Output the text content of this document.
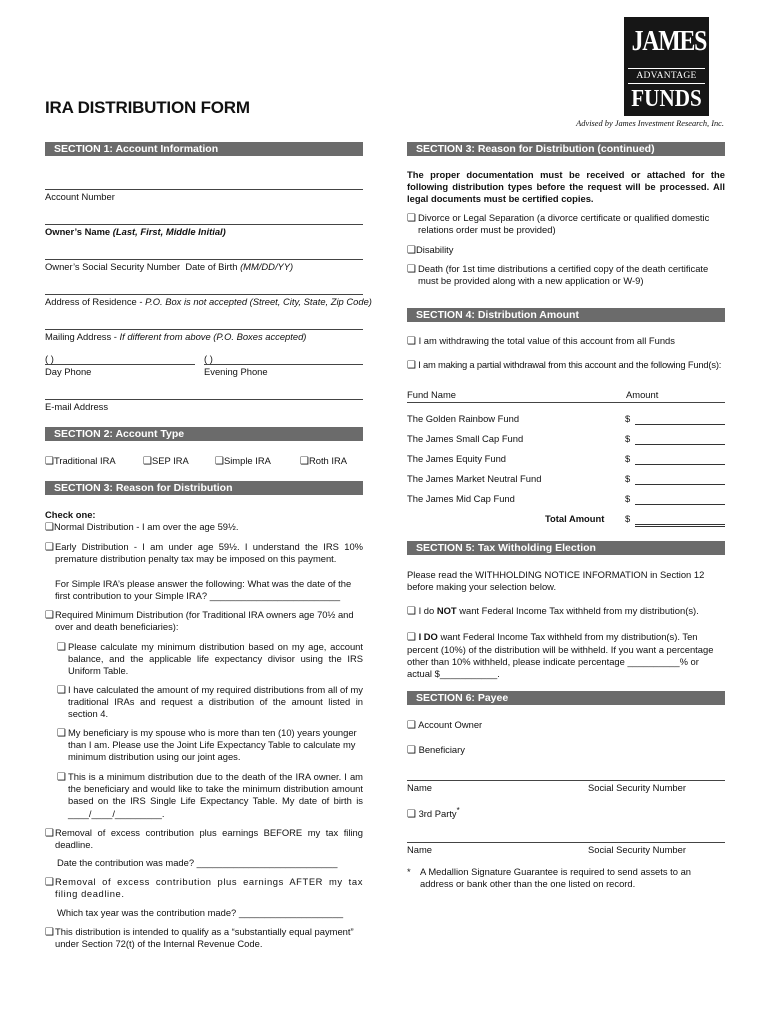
IRA DISTRIBUTION FORM
JAMES
ADVANTAGE
FUNDS
Advised by James Investment Research, Inc.
SECTION 1: Account Information
Account Number
Owner’s Name (Last, First, Middle Initial)
Owner’s Social Security Number Date of Birth (MM/DD/YY)
Address of Residence - P.O. Box is not accepted (Street, City, State, Zip Code)
Mailing Address - If different from above (P.O. Boxes accepted)
( )
Day Phone
( )
Evening Phone
E-mail Address
SECTION 2: Account Type
❑Traditional IRA	❑SEP IRA	❑Simple IRA	❑Roth IRA
SECTION 3: Reason for Distribution
Check one:
❑Normal Distribution - I am over the age 59½.
❑ Early Distribution - I am under age 59½. I understand the IRS 10% premature distribution penalty tax may be imposed on this payment.
For Simple IRA’s please answer the following: What was the date of the first contribution to your Simple IRA? _________________________
❑ Required Minimum Distribution (for Traditional IRA owners age 70½ and over and death beneficiaries):
❑ Please calculate my minimum distribution based on my age, account balance, and the applicable life expectancy divisor using the IRS Uniform Table.
❑ I have calculated the amount of my required distributions from all of my traditional IRAs and request a distribution of the amount listed in section 4.
❑ My beneficiary is my spouse who is more than ten (10) years younger than I am. Please use the Joint Life Expectancy Table to calculate my minimum distribution using our joint ages.
❑ This is a minimum distribution due to the death of the IRA owner. I am the beneficiary and would like to take the minimum distribution amount based on the IRS Single Life Expectancy Table. My date of birth is ____/____/_________.
❑ Removal of excess contribution plus earnings BEFORE my tax filing deadline.
Date the contribution was made? ___________________________
❑ Removal of excess contribution plus earnings AFTER my tax filing deadline.
Which tax year was the contribution made? ____________________
❑ This distribution is intended to qualify as a “substantially equal payment” under Section 72(t) of the Internal Revenue Code.
SECTION 3: Reason for Distribution (continued)
The proper documentation must be received or attached for the following distribution types before the request will be processed. All legal documents must be certified copies.
❑ Divorce or Legal Separation (a divorce certificate or qualified domestic relations order must be provided)
❑Disability
❑ Death (for 1st time distributions a certified copy of the death certificate must be provided along with a new application or W-9)
SECTION 4: Distribution Amount
❑ I am withdrawing the total value of this account from all Funds
❑ I am making a partial withdrawal from this account and the following Fund(s):
Fund Name	Amount
The Golden Rainbow Fund	$
The James Small Cap Fund	$
The James Equity Fund	$
The James Market Neutral Fund	$
The James Mid Cap Fund	$
Total Amount $
SECTION 5: Tax Witholding Election
Please read the WITHHOLDING NOTICE INFORMATION in Section 12 before making your selection below.
❑ I do NOT want Federal Income Tax withheld from my distribution(s).
❑ I DO want Federal Income Tax withheld from my distribution(s). Ten percent (10%) of the distribution will be withheld. If you want a percentage other than 10% withheld, please indicate percentage __________% or actual $___________.
SECTION 6: Payee
❑ Account Owner
❑ Beneficiary
Name	Social Security Number
❑ 3rd Party*
Name	Social Security Number
* A Medallion Signature Guarantee is required to send assets to an address or bank other than the one listed on record.
